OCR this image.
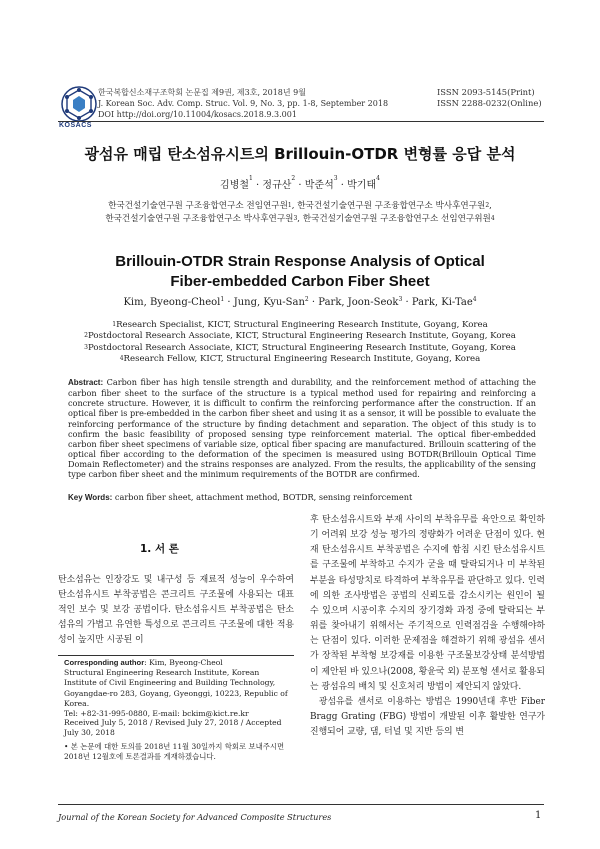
KOSACS
한국복합신소재구조학회 논문집 제9권, 제3호, 2018년 9월
J. Korean Soc. Adv. Comp. Struc. Vol. 9, No. 3, pp. 1-8, September 2018
DOI http://doi.org/10.11004/kosacs.2018.9.3.001
ISSN 2093-5145(Print)
ISSN 2288-0232(Online)
광섬유 매립 탄소섬유시트의 Brillouin-OTDR 변형률 응답 분석
김병철$^1$ · 정규산$^2$ · 박준석$^3$ · 박기태$^4$
한국건설기술연구원 구조융합연구소 전임연구원$^1$, 한국건설기술연구원 구조융합연구소 박사후연구원$^2$,
한국건설기술연구원 구조융합연구소 박사후연구원$^3$, 한국건설기술연구원 구조융합연구소 선임연구위원$^4$
Brillouin-OTDR Strain Response Analysis of Optical
Fiber-embedded Carbon Fiber Sheet
Kim, Byeong-Cheol$^1$ · Jung, Kyu-San$^2$ · Park, Joon-Seok$^3$ · Park, Ki-Tae$^4$
$^1$Research Specialist, KICT, Structural Engineering Research Institute, Goyang, Korea
$^2$Postdoctoral Research Associate, KICT, Structural Engineering Research Institute, Goyang, Korea
$^3$Postdoctoral Research Associate, KICT, Structural Engineering Research Institute, Goyang, Korea
$^4$Research Fellow, KICT, Structural Engineering Research Institute, Goyang, Korea
Abstract: Carbon fiber has high tensile strength and durability, and the reinforcement method of attaching the carbon fiber sheet to the surface of the structure is a typical method used for repairing and reinforcing a concrete structure. However, it is difficult to confirm the reinforcing performance after the construction. If an optical fiber is pre-embedded in the carbon fiber sheet and using it as a sensor, it will be possible to evaluate the reinforcing performance of the structure by finding detachment and separation. The object of this study is to confirm the basic feasibility of proposed sensing type reinforcement material. The optical fiber-embedded carbon fiber sheet specimens of variable size, optical fiber spacing are manufactured. Brillouin scattering of the optical fiber according to the deformation of the specimen is measured using BOTDR(Brillouin Optical Time Domain Reflectometer) and the strains responses are analyzed. From the results, the applicability of the sensing type carbon fiber sheet and the minimum requirements of the BOTDR are confirmed.
Key Words: carbon fiber sheet, attachment method, BOTDR, sensing reinforcement
1. 서 론
탄소섬유는 인장강도 및 내구성 등 재료적 성능이 우수하여 탄소섬유시트 부착공법은 콘크리트 구조물에 사용되는 대표적인 보수 및 보강 공법이다. 탄소섬유시트 부착공법은 탄소섬유의 가볍고 유연한 특성으로 콘크리트 구조물에 대한 적용성이 높지만 시공된 이
후 탄소섬유시트와 부재 사이의 부착유무를 육안으로 확인하기 어려워 보강 성능 평가의 정량화가 어려운 단점이 있다. 현재 탄소섬유시트 부착공법은 수지에 함침 시킨 탄소섬유시트를 구조물에 부착하고 수지가 굳을 때 탈락되거나 미 부착된 부분을 타성망치로 타격하여 부착유무를 판단하고 있다. 인력에 의한 조사방법은 공법의 신뢰도를 감소시키는 원인이 될 수 있으며 시공이후 수지의 장기경화 과정 중에 탈락되는 부위를 찾아내기 위해서는 주기적으로 인력점검을 수행해야하는 단점이 있다. 이러한 문제점을 해결하기 위해 광섬유 센서가 장착된 부착형 보강재를 이용한 구조물보강상태 분석방법이 제안된 바 있으나(2008, 황윤국 외) 분포형 센서로 활용되는 광섬유의 배치 및 신호처리 방법이 제안되지 않았다.
광섬유를 센서로 이용하는 방법은 1990년대 후반 Fiber Bragg Grating (FBG) 방법이 개발된 이후 활발한 연구가 진행되어 교량, 댐, 터널 및 지반 등의 변
Corresponding author: Kim, Byeong-Cheol
Structural Engineering Research Institute, Korean Institute of Civil Engineering and Building Technology, Goyangdae-ro 283, Goyang, Gyeonggi, 10223, Republic of Korea.
Tel: +82-31-995-0880, E-mail: bckim@kict.re.kr
Received July 5, 2018 / Revised July 27, 2018 / Accepted July 30, 2018
• 본 논문에 대한 토의를 2018년 11월 30일까지 학회로 보내주시면 2018년 12월호에 토론결과를 게재하겠습니다.
Journal of the Korean Society for Advanced Composite Structures	1
